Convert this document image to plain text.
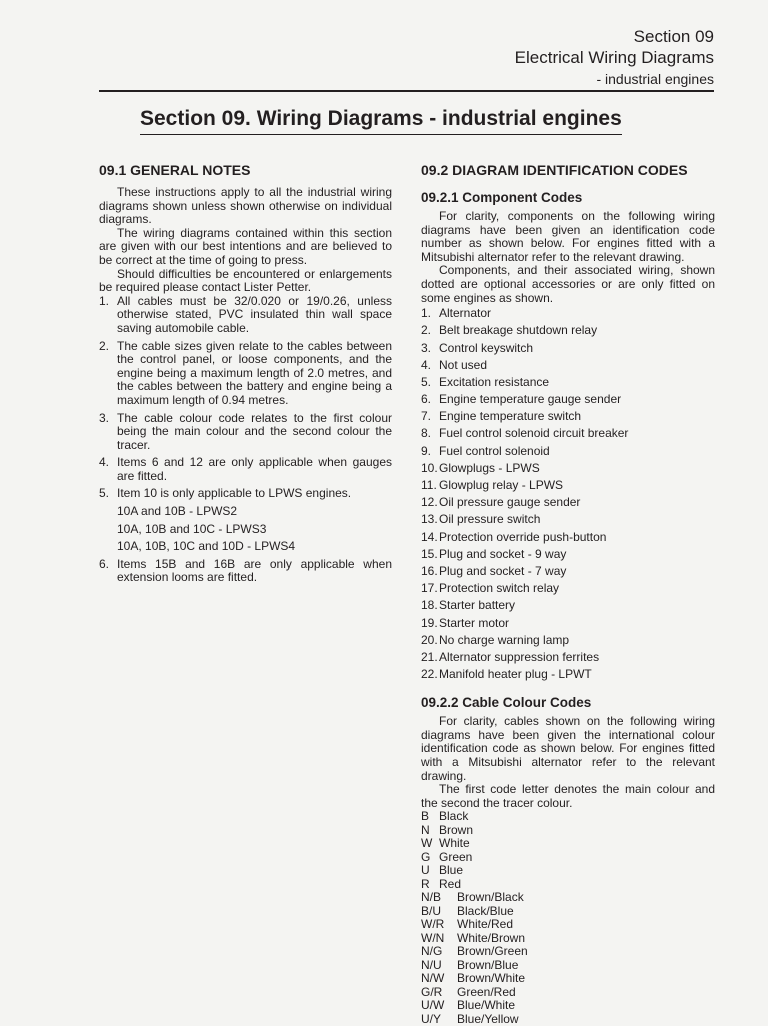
Section 09
Electrical Wiring Diagrams
- industrial engines
Section 09. Wiring Diagrams - industrial engines
09.1 GENERAL NOTES

These instructions apply to all the industrial wiring diagrams shown unless shown otherwise on individual diagrams.

The wiring diagrams contained within this section are given with our best intentions and are believed to be correct at the time of going to press.

Should difficulties be encountered or enlargements be required please contact Lister Petter.

1. All cables must be 32/0.020 or 19/0.26, unless otherwise stated, PVC insulated thin wall space saving automobile cable.
2. The cable sizes given relate to the cables between the control panel, or loose components, and the engine being a maximum length of 2.0 metres, and the cables between the battery and engine being a maximum length of 0.94 metres.
3. The cable colour code relates to the first colour being the main colour and the second colour the tracer.
4. Items 6 and 12 are only applicable when gauges are fitted.
5. Item 10 is only applicable to LPWS engines.
10A and 10B - LPWS2
10A, 10B and 10C - LPWS3
10A, 10B, 10C and 10D - LPWS4
6. Items 15B and 16B are only applicable when extension looms are fitted.
09.2 DIAGRAM IDENTIFICATION CODES
09.2.1 Component Codes

For clarity, components on the following wiring diagrams have been given an identification code number as shown below. For engines fitted with a Mitsubishi alternator refer to the relevant drawing.

Components, and their associated wiring, shown dotted are optional accessories or are only fitted on some engines as shown.

1. Alternator
2. Belt breakage shutdown relay
3. Control keyswitch
4. Not used
5. Excitation resistance
6. Engine temperature gauge sender
7. Engine temperature switch
8. Fuel control solenoid circuit breaker
9. Fuel control solenoid
10.Glowplugs - LPWS
11. Glowplug relay - LPWS
12.Oil pressure gauge sender
13.Oil pressure switch
14.Protection override push-button
15.Plug and socket - 9 way
16.Plug and socket - 7 way
17.Protection switch relay
18.Starter battery
19.Starter motor
20.No charge warning lamp
21.Alternator suppression ferrites
22.Manifold heater plug - LPWT
09.2.2 Cable Colour Codes

For clarity, cables shown on the following wiring diagrams have been given the international colour identification code as shown below. For engines fitted with a Mitsubishi alternator refer to the relevant drawing.

The first code letter denotes the main colour and the second the tracer colour.

B Black
N Brown
W White
G Green
U Blue
R Red
N/B Brown/Black
B/U Black/Blue
W/R White/Red
W/N White/Brown
N/G Brown/Green
N/U Brown/Blue
N/W Brown/White
G/R Green/Red
U/W Blue/White
U/Y Blue/Yellow
